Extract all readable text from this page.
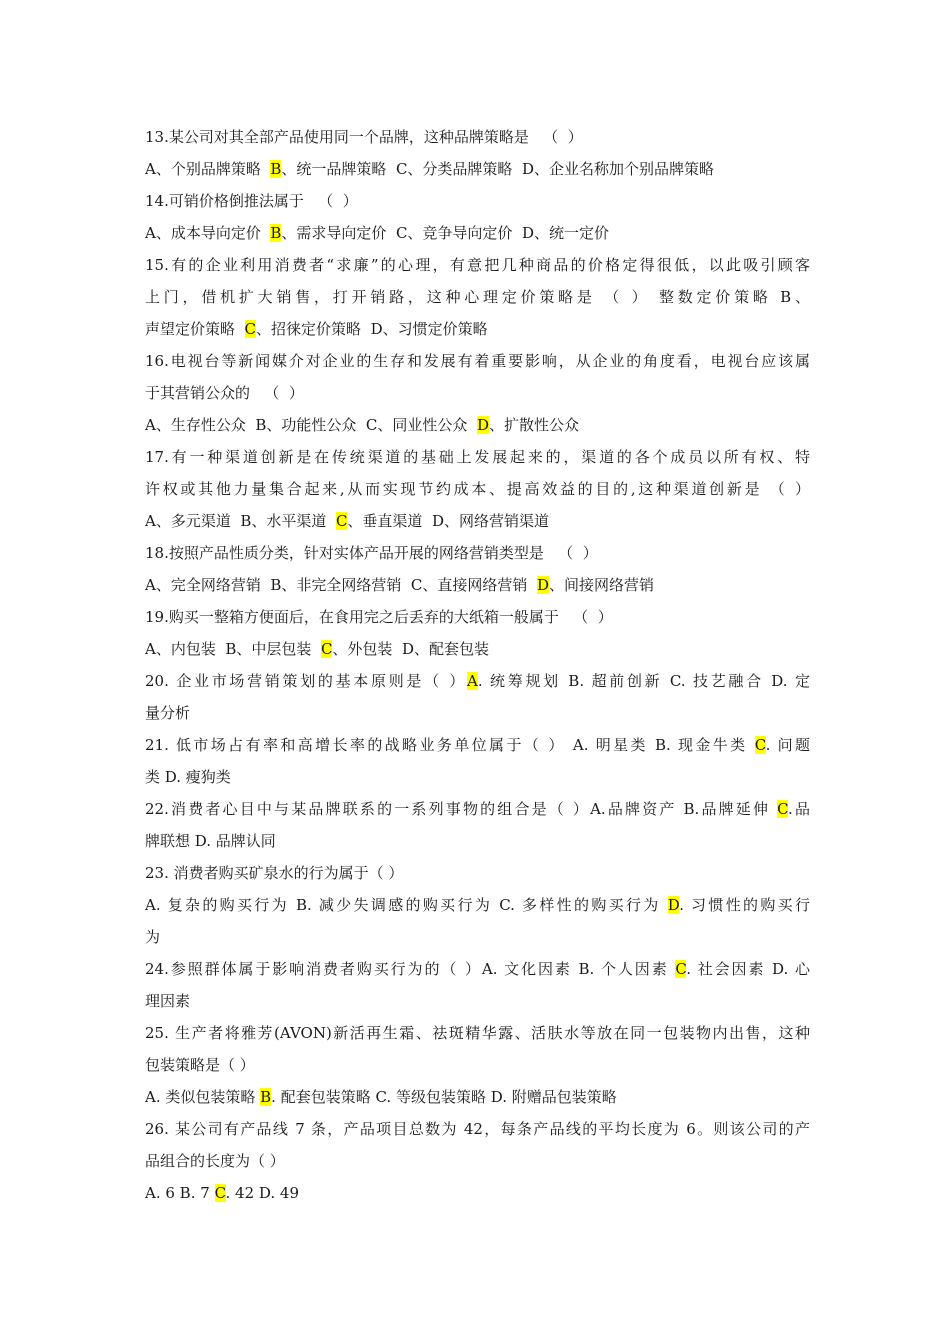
13.某公司对其全部产品使用同一个品牌，这种品牌策略是   （  ）
A、个别品牌策略  B、统一品牌策略  C、分类品牌策略  D、企业名称加个别品牌策略
14.可销价格倒推法属于   （  ）
A、成本导向定价  B、需求导向定价  C、竞争导向定价  D、统一定价
15.有的企业利用消费者“求廉”的心理，有意把几种商品的价格定得很低，以此吸引顾客
上门，借机扩大销售，打开销路，这种心理定价策略是 （ ） 整数定价策略 B、
声望定价策略  C、招徕定价策略  D、习惯定价策略
16.电视台等新闻媒介对企业的生存和发展有着重要影响，从企业的角度看，电视台应该属
于其营销公众的   （  ）
A、生存性公众  B、功能性公众  C、同业性公众  D、扩散性公众
17.有一种渠道创新是在传统渠道的基础上发展起来的，渠道的各个成员以所有权、特
许权或其他力量集合起来,从而实现节约成本、提高效益的目的,这种渠道创新是 （ ）
A、多元渠道  B、水平渠道  C、垂直渠道  D、网络营销渠道
18.按照产品性质分类，针对实体产品开展的网络营销类型是   （  ）
A、完全网络营销  B、非完全网络营销  C、直接网络营销  D、间接网络营销
19.购买一整箱方便面后，在食用完之后丢弃的大纸箱一般属于   （  ）
A、内包装  B、中层包装  C、外包装  D、配套包装
20. 企业市场营销策划的基本原则是（ ）A. 统筹规划 B. 超前创新 C. 技艺融合 D. 定
量分析
21. 低市场占有率和高增长率的战略业务单位属于（ ） A. 明星类 B. 现金牛类 C. 问题
类 D. 瘦狗类
22.消费者心目中与某品牌联系的一系列事物的组合是（ ）A.品牌资产 B.品牌延伸 C.品
牌联想 D. 品牌认同
23. 消费者购买矿泉水的行为属于（ ）
A. 复杂的购买行为 B. 减少失调感的购买行为 C. 多样性的购买行为 D. 习惯性的购买行
为
24.参照群体属于影响消费者购买行为的（ ）A. 文化因素 B. 个人因素 C. 社会因素 D. 心
理因素
25. 生产者将雅芳(AVON)新活再生霜、祛斑精华露、活肤水等放在同一包装物内出售，这种
包装策略是（ ）
A. 类似包装策略 B. 配套包装策略 C. 等级包装策略 D. 附赠品包装策略
26. 某公司有产品线 7 条，产品项目总数为 42，每条产品线的平均长度为 6。则该公司的产
品组合的长度为（ ）
A. 6 B. 7 C. 42 D. 49
